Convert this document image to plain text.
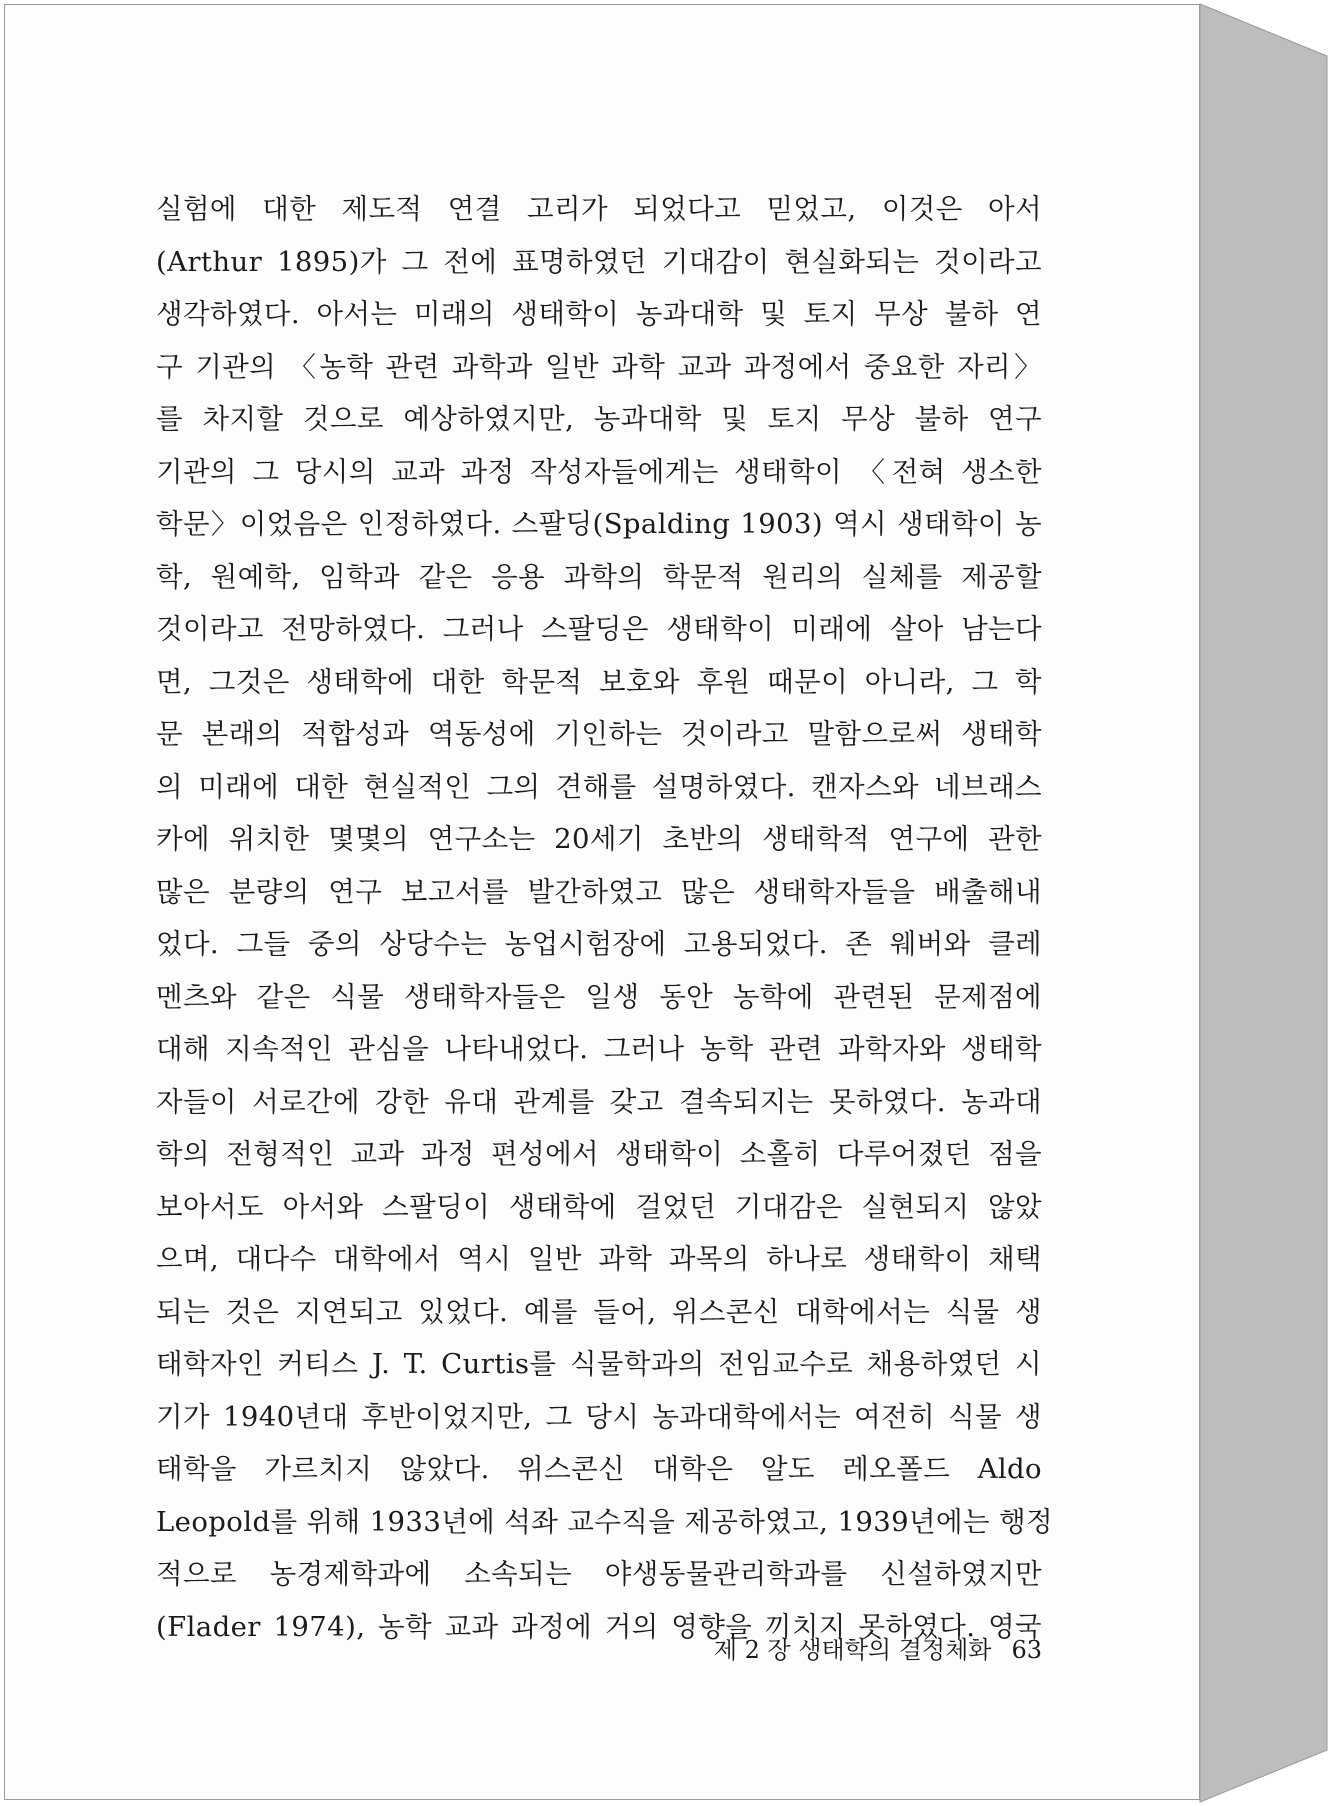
실험에 대한 제도적 연결 고리가 되었다고 믿었고, 이것은 아서
(Arthur 1895)가 그 전에 표명하였던 기대감이 현실화되는 것이라고
생각하였다. 아서는 미래의 생태학이 농과대학 및 토지 무상 불하 연
구 기관의 〈농학 관련 과학과 일반 과학 교과 과정에서 중요한 자리〉
를 차지할 것으로 예상하였지만, 농과대학 및 토지 무상 불하 연구
기관의 그 당시의 교과 과정 작성자들에게는 생태학이 〈전혀 생소한
학문〉이었음은 인정하였다. 스팔딩(Spalding 1903) 역시 생태학이 농
학, 원예학, 임학과 같은 응용 과학의 학문적 원리의 실체를 제공할
것이라고 전망하였다. 그러나 스팔딩은 생태학이 미래에 살아 남는다
면, 그것은 생태학에 대한 학문적 보호와 후원 때문이 아니라, 그 학
문 본래의 적합성과 역동성에 기인하는 것이라고 말함으로써 생태학
의 미래에 대한 현실적인 그의 견해를 설명하였다. 캔자스와 네브래스
카에 위치한 몇몇의 연구소는 20세기 초반의 생태학적 연구에 관한
많은 분량의 연구 보고서를 발간하였고 많은 생태학자들을 배출해내
었다. 그들 중의 상당수는 농업시험장에 고용되었다. 존 웨버와 클레
멘츠와 같은 식물 생태학자들은 일생 동안 농학에 관련된 문제점에
대해 지속적인 관심을 나타내었다. 그러나 농학 관련 과학자와 생태학
자들이 서로간에 강한 유대 관계를 갖고 결속되지는 못하였다. 농과대
학의 전형적인 교과 과정 편성에서 생태학이 소홀히 다루어졌던 점을
보아서도 아서와 스팔딩이 생태학에 걸었던 기대감은 실현되지 않았
으며, 대다수 대학에서 역시 일반 과학 과목의 하나로 생태학이 채택
되는 것은 지연되고 있었다. 예를 들어, 위스콘신 대학에서는 식물 생
태학자인 커티스 J. T. Curtis를 식물학과의 전임교수로 채용하였던 시
기가 1940년대 후반이었지만, 그 당시 농과대학에서는 여전히 식물 생
태학을 가르치지 않았다. 위스콘신 대학은 알도 레오폴드 Aldo
Leopold를 위해 1933년에 석좌 교수직을 제공하였고, 1939년에는 행정
적으로 농경제학과에 소속되는 야생동물관리학과를 신설하였지만
(Flader 1974), 농학 교과 과정에 거의 영향을 끼치지 못하였다. 영국
제 2 장 생태학의 결정체화 63
